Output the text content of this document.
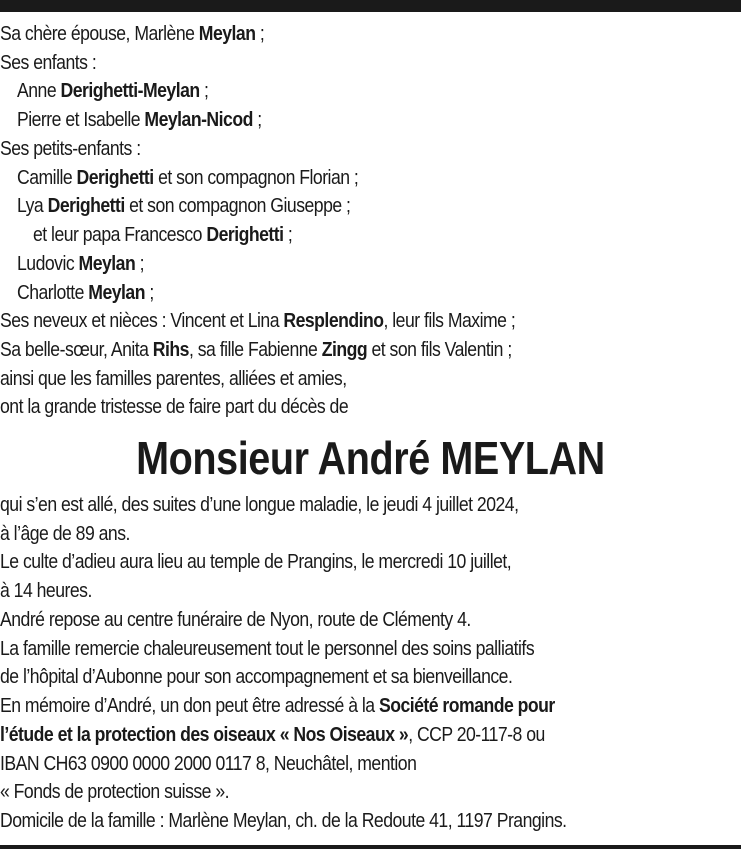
Sa chère épouse, Marlène Meylan ;
Ses enfants :
Anne Derighetti-Meylan ;
Pierre et Isabelle Meylan-Nicod ;
Ses petits-enfants :
Camille Derighetti et son compagnon Florian ;
Lya Derighetti et son compagnon Giuseppe ;
et leur papa Francesco Derighetti ;
Ludovic Meylan ;
Charlotte Meylan ;
Ses neveux et nièces : Vincent et Lina Resplendino, leur fils Maxime ;
Sa belle-sœur, Anita Rihs, sa fille Fabienne Zingg et son fils Valentin ;
ainsi que les familles parentes, alliées et amies,
ont la grande tristesse de faire part du décès de
Monsieur André MEYLAN
qui s’en est allé, des suites d’une longue maladie, le jeudi 4 juillet 2024,
à l’âge de 89 ans.
Le culte d’adieu aura lieu au temple de Prangins, le mercredi 10 juillet,
à 14 heures.
André repose au centre funéraire de Nyon, route de Clémenty 4.
La famille remercie chaleureusement tout le personnel des soins palliatifs
de l’hôpital d’Aubonne pour son accompagnement et sa bienveillance.
En mémoire d’André, un don peut être adressé à la Société romande pour
l’étude et la protection des oiseaux « Nos Oiseaux », CCP 20-117-8 ou
IBAN CH63 0900 0000 2000 0117 8, Neuchâtel, mention
« Fonds de protection suisse ».
Domicile de la famille : Marlène Meylan, ch. de la Redoute 41, 1197 Prangins.
